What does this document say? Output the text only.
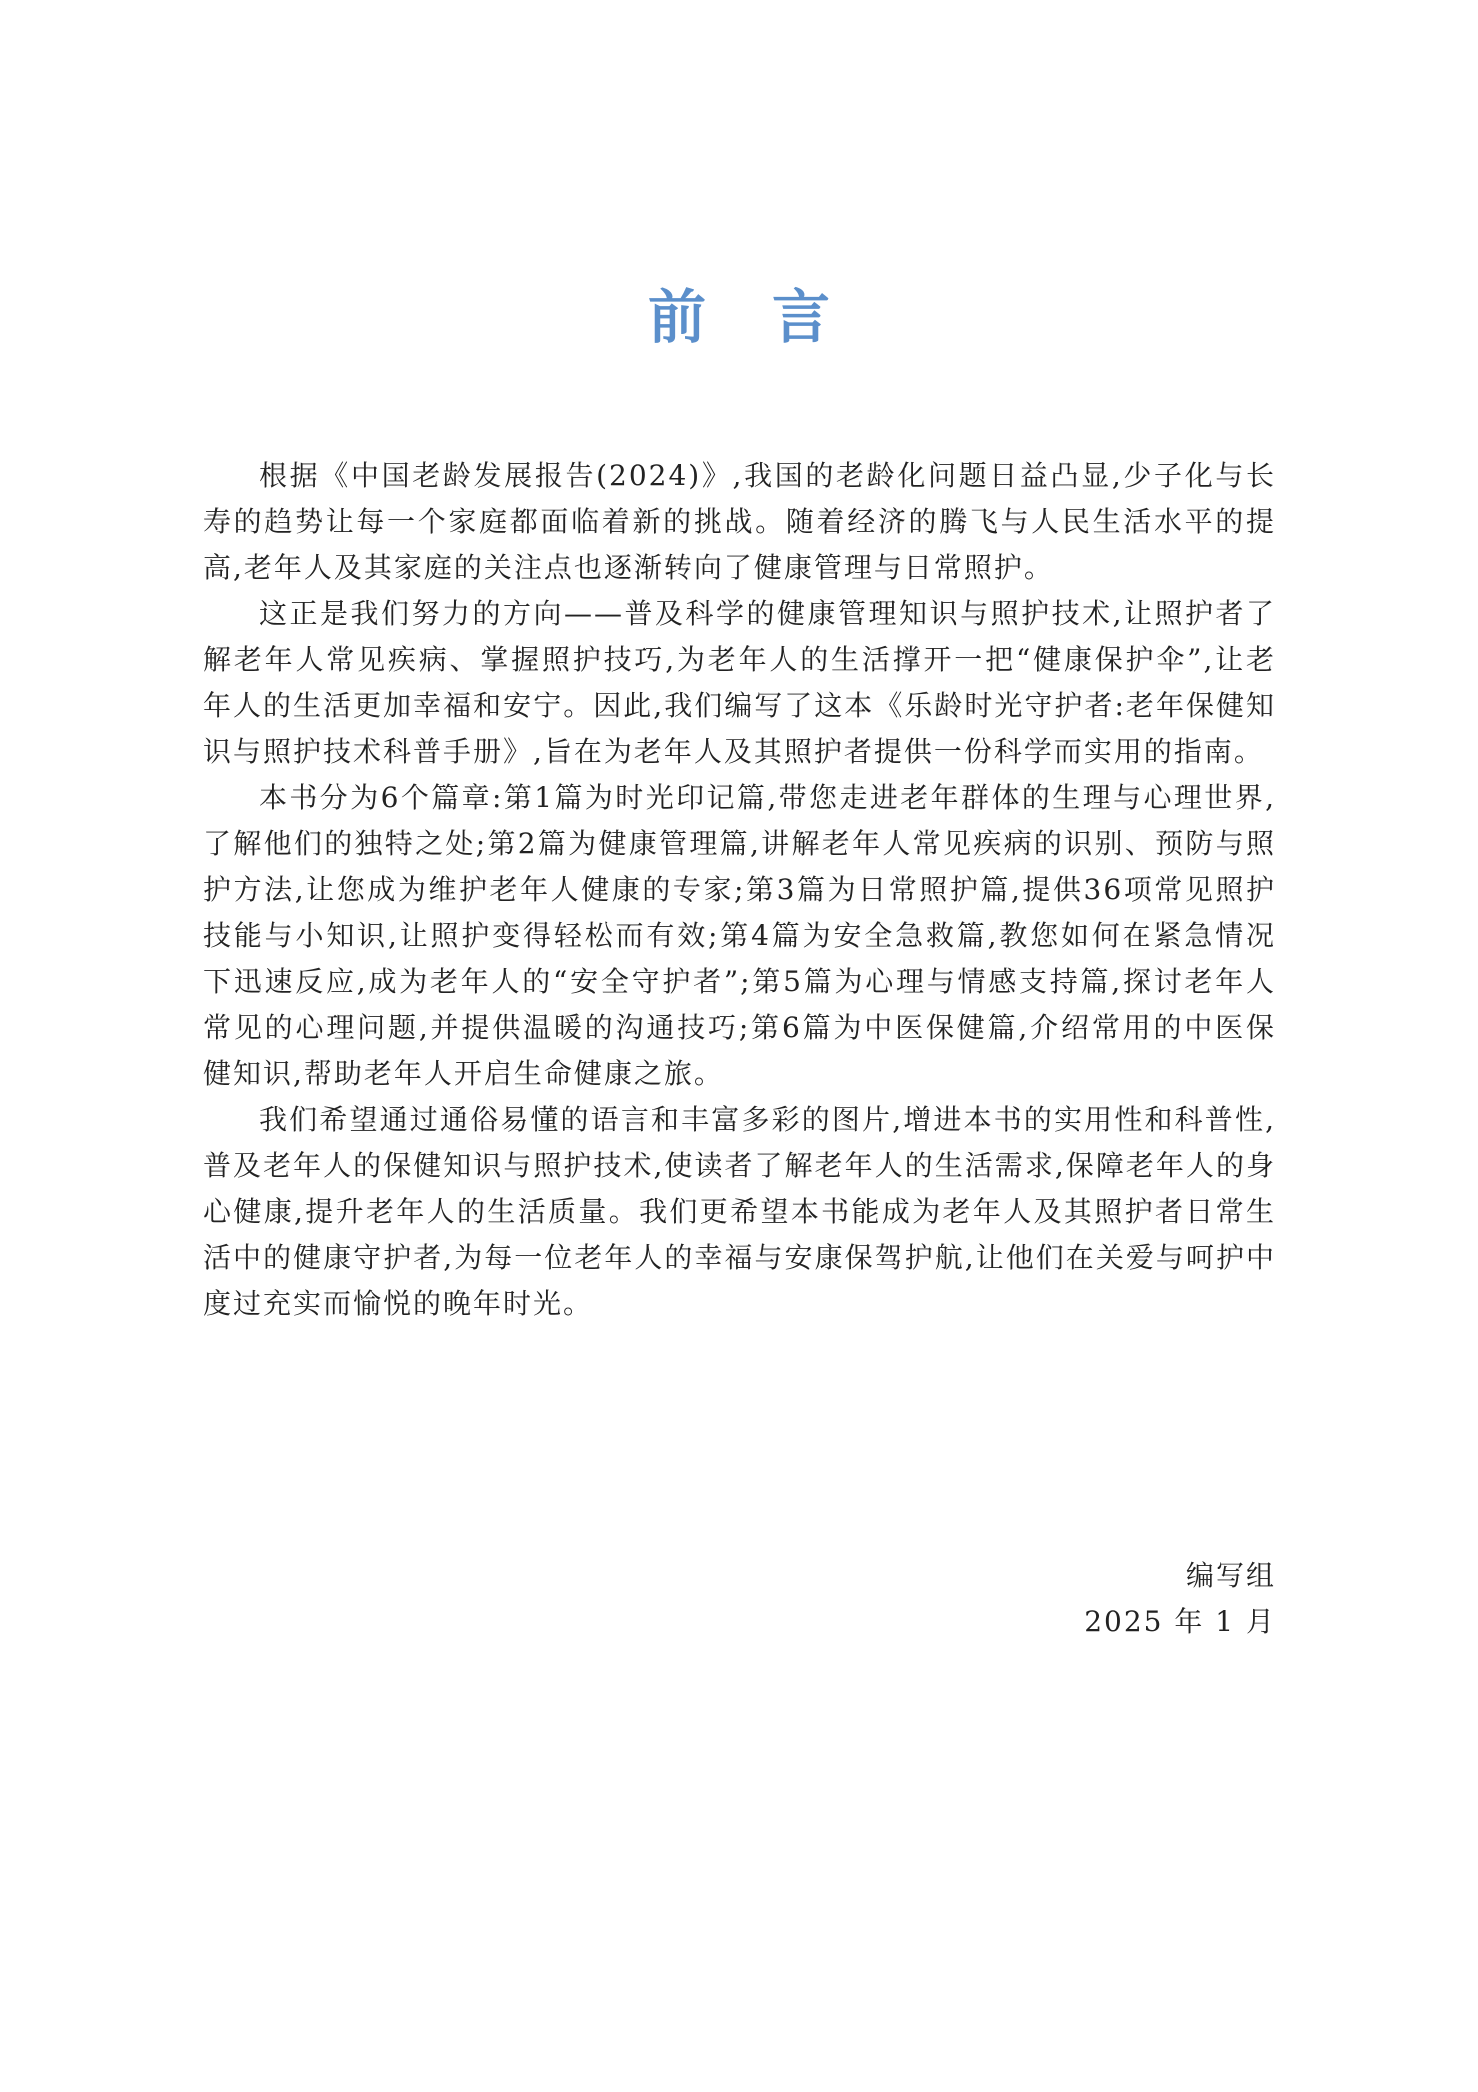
前言

根据《中国老龄发展报告(2024)》,我国的老龄化问题日益凸显,少子化与长寿的趋势让每一个家庭都面临着新的挑战。随着经济的腾飞与人民生活水平的提高,老年人及其家庭的关注点也逐渐转向了健康管理与日常照护。

这正是我们努力的方向——普及科学的健康管理知识与照护技术,让照护者了解老年人常见疾病、掌握照护技巧,为老年人的生活撑开一把“健康保护伞”,让老年人的生活更加幸福和安宁。因此,我们编写了这本《乐龄时光守护者:老年保健知识与照护技术科普手册》,旨在为老年人及其照护者提供一份科学而实用的指南。

本书分为6个篇章:第1篇为时光印记篇,带您走进老年群体的生理与心理世界,了解他们的独特之处;第2篇为健康管理篇,讲解老年人常见疾病的识别、预防与照护方法,让您成为维护老年人健康的专家;第3篇为日常照护篇,提供36项常见照护技能与小知识,让照护变得轻松而有效;第4篇为安全急救篇,教您如何在紧急情况下迅速反应,成为老年人的“安全守护者”;第5篇为心理与情感支持篇,探讨老年人常见的心理问题,并提供温暖的沟通技巧;第6篇为中医保健篇,介绍常用的中医保健知识,帮助老年人开启生命健康之旅。

我们希望通过通俗易懂的语言和丰富多彩的图片,增进本书的实用性和科普性,普及老年人的保健知识与照护技术,使读者了解老年人的生活需求,保障老年人的身心健康,提升老年人的生活质量。我们更希望本书能成为老年人及其照护者日常生活中的健康守护者,为每一位老年人的幸福与安康保驾护航,让他们在关爱与呵护中度过充实而愉悦的晚年时光。

编写组
2025 年 1 月
